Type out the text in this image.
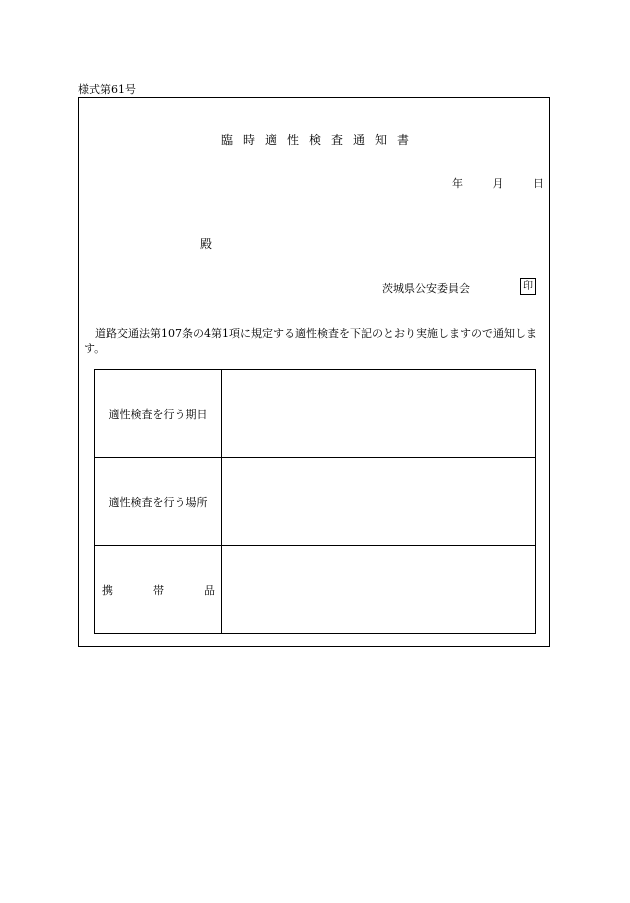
様式第61号
臨時適性検査通知書
年	月	日
殿
茨城県公安委員会	印
道路交通法第107条の4第1項に規定する適性検査を下記のとおり実施しますので通知します。
適性検査を行う期日	
適性検査を行う場所	

携 帯 品	
